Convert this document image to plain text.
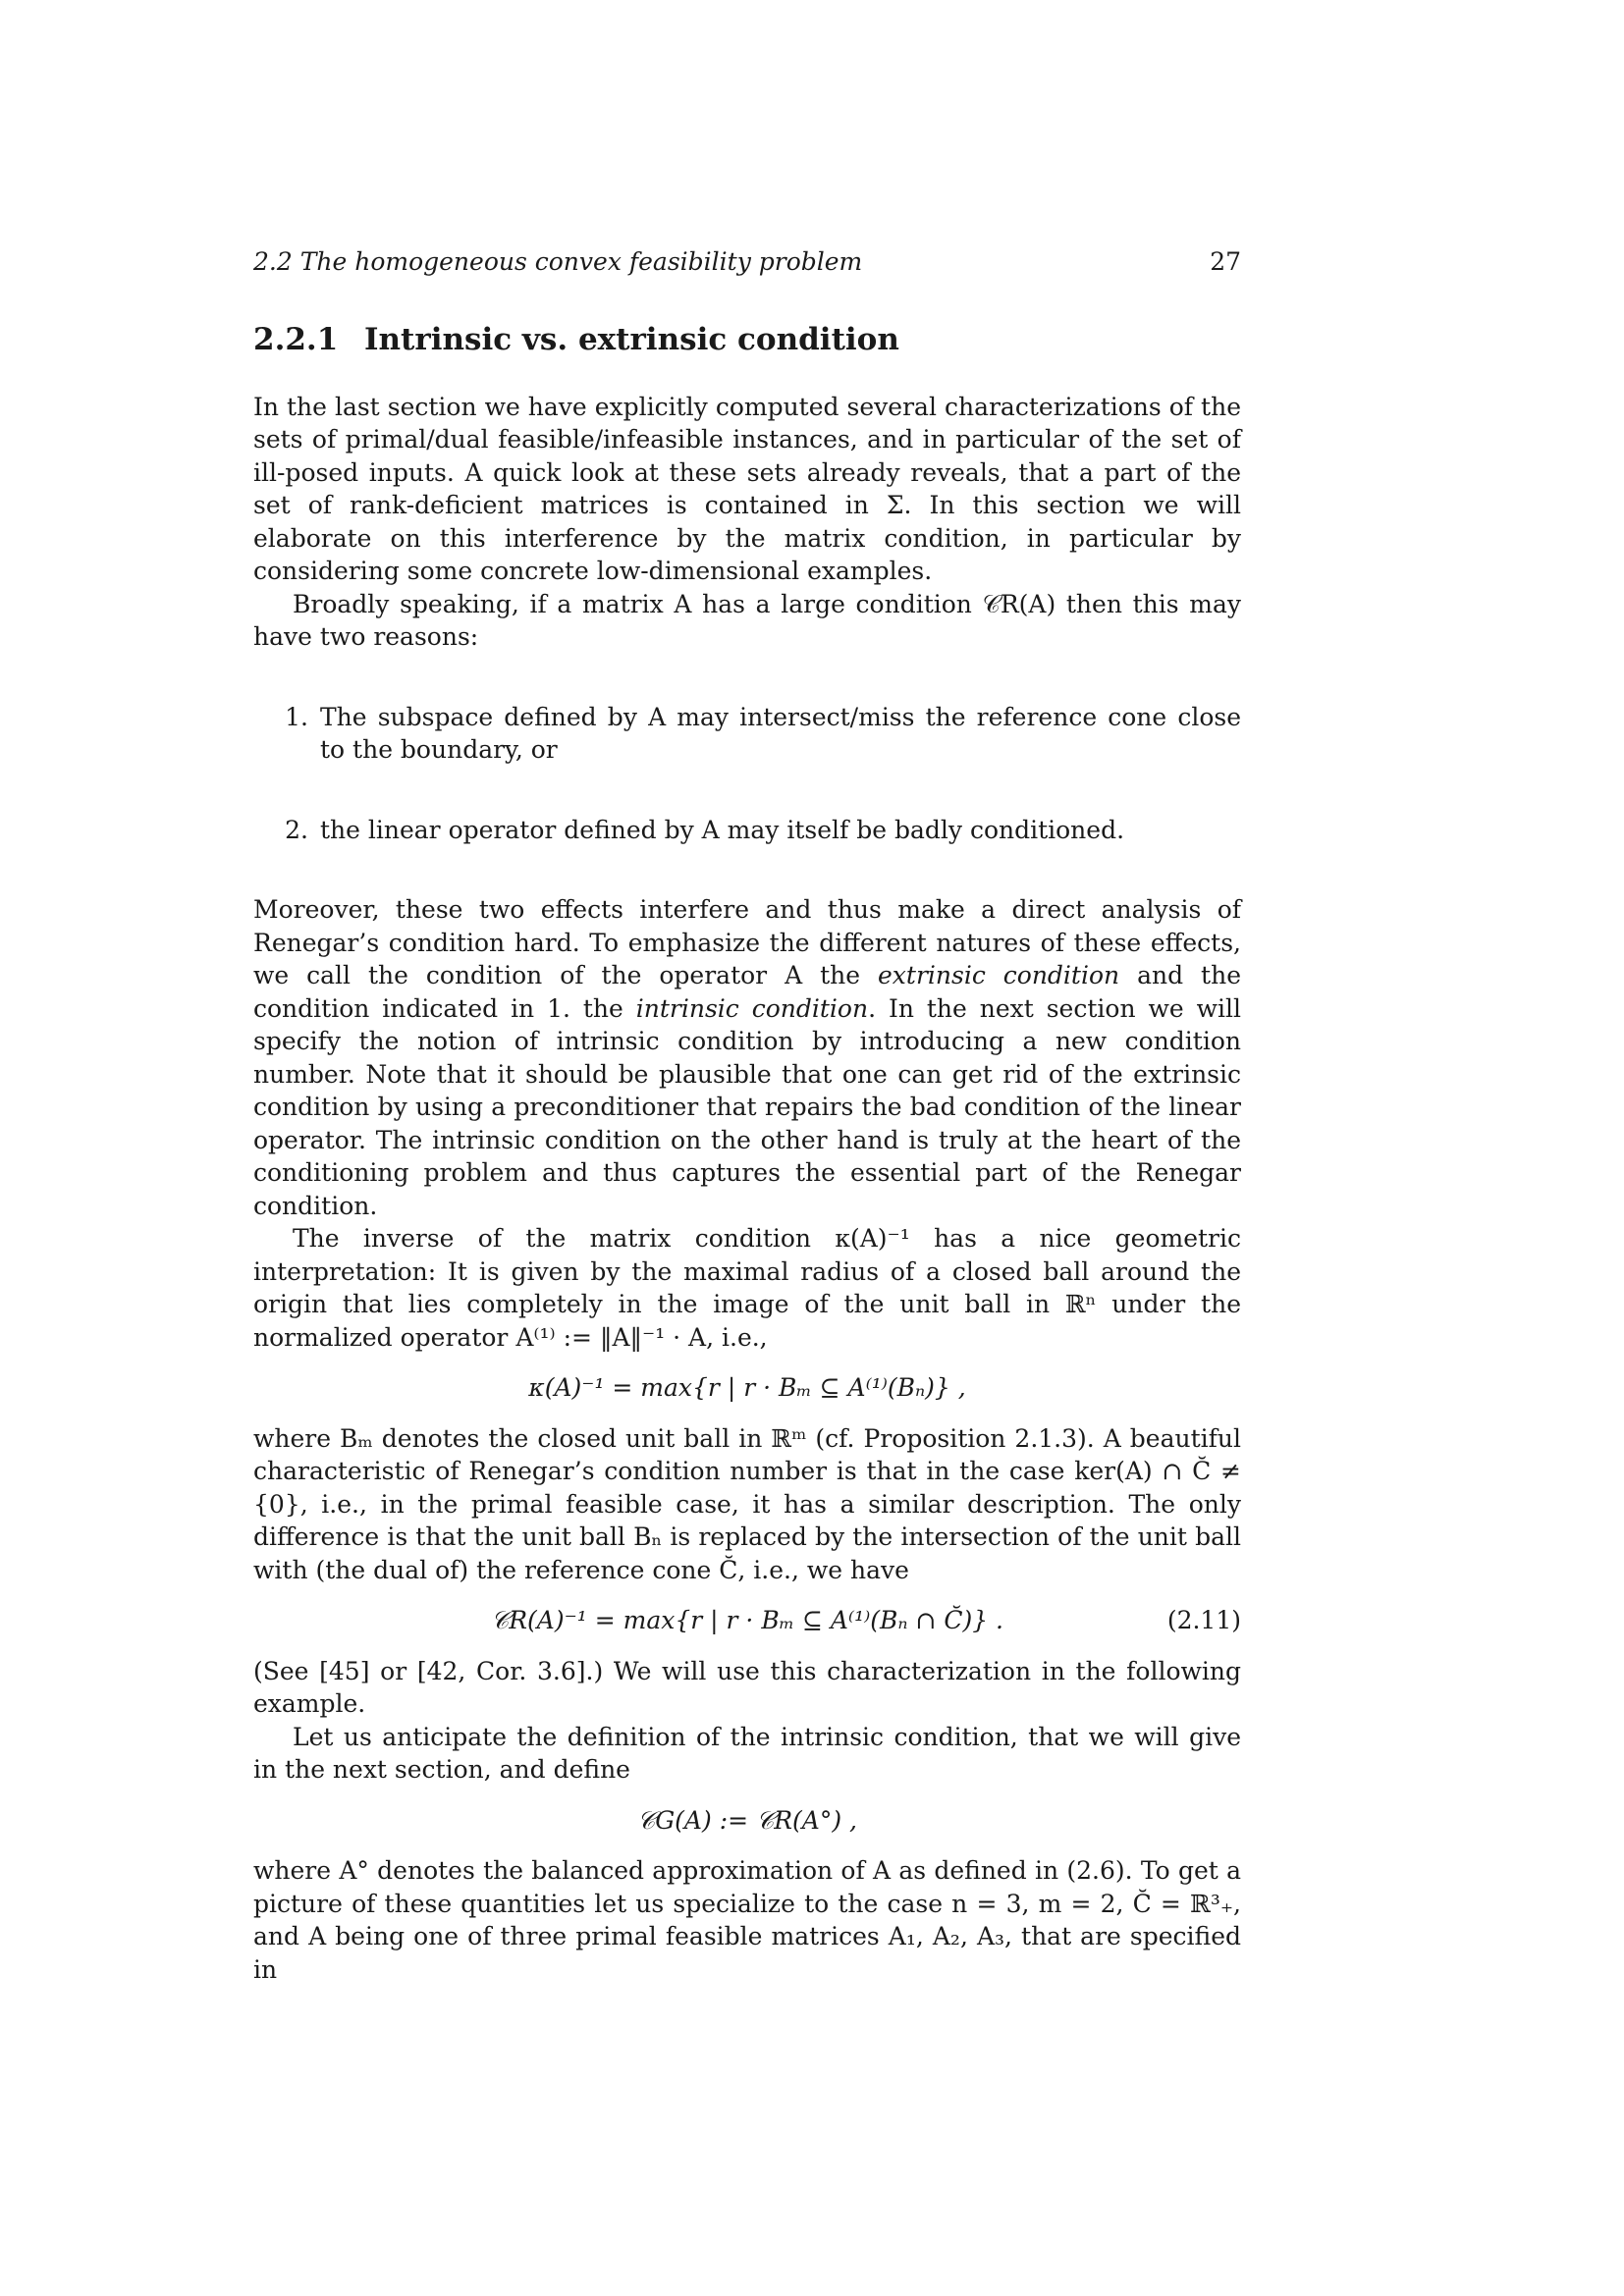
2.2 The homogeneous convex feasibility problem	27
2.2.1 Intrinsic vs. extrinsic condition

In the last section we have explicitly computed several characterizations of the sets of primal/dual feasible/infeasible instances, and in particular of the set of ill-posed inputs. A quick look at these sets already reveals, that a part of the set of rank-deficient matrices is contained in Σ. In this section we will elaborate on this interference by the matrix condition, in particular by considering some concrete low-dimensional examples.

Broadly speaking, if a matrix A has a large condition 𝒞R(A) then this may have two reasons:

1. The subspace defined by A may intersect/miss the reference cone close to the boundary, or
2. the linear operator defined by A may itself be badly conditioned.

Moreover, these two effects interfere and thus make a direct analysis of Renegar’s condition hard. To emphasize the different natures of these effects, we call the condition of the operator A the extrinsic condition and the condition indicated in 1. the intrinsic condition. In the next section we will specify the notion of intrinsic condition by introducing a new condition number. Note that it should be plausible that one can get rid of the extrinsic condition by using a preconditioner that repairs the bad condition of the linear operator. The intrinsic condition on the other hand is truly at the heart of the conditioning problem and thus captures the essential part of the Renegar condition.

The inverse of the matrix condition κ(A)⁻¹ has a nice geometric interpretation: It is given by the maximal radius of a closed ball around the origin that lies completely in the image of the unit ball in ℝⁿ under the normalized operator A⁽¹⁾ := ‖A‖⁻¹ · A, i.e.,

κ(A)⁻¹ = max{r | r · Bₘ ⊆ A⁽¹⁾(Bₙ)} ,

where Bₘ denotes the closed unit ball in ℝᵐ (cf. Proposition 2.1.3). A beautiful characteristic of Renegar’s condition number is that in the case ker(A) ∩ C̆ ≠ {0}, i.e., in the primal feasible case, it has a similar description. The only difference is that the unit ball Bₙ is replaced by the intersection of the unit ball with (the dual of) the reference cone C̆, i.e., we have

𝒞R(A)⁻¹ = max{r | r · Bₘ ⊆ A⁽¹⁾(Bₙ ∩ C̆)} .	(2.11)

(See [45] or [42, Cor. 3.6].) We will use this characterization in the following example.

Let us anticipate the definition of the intrinsic condition, that we will give in the next section, and define

𝒞G(A) := 𝒞R(A°) ,

where A° denotes the balanced approximation of A as defined in (2.6). To get a picture of these quantities let us specialize to the case n = 3, m = 2, C̆ = ℝ³₊, and A being one of three primal feasible matrices A₁, A₂, A₃, that are specified in
